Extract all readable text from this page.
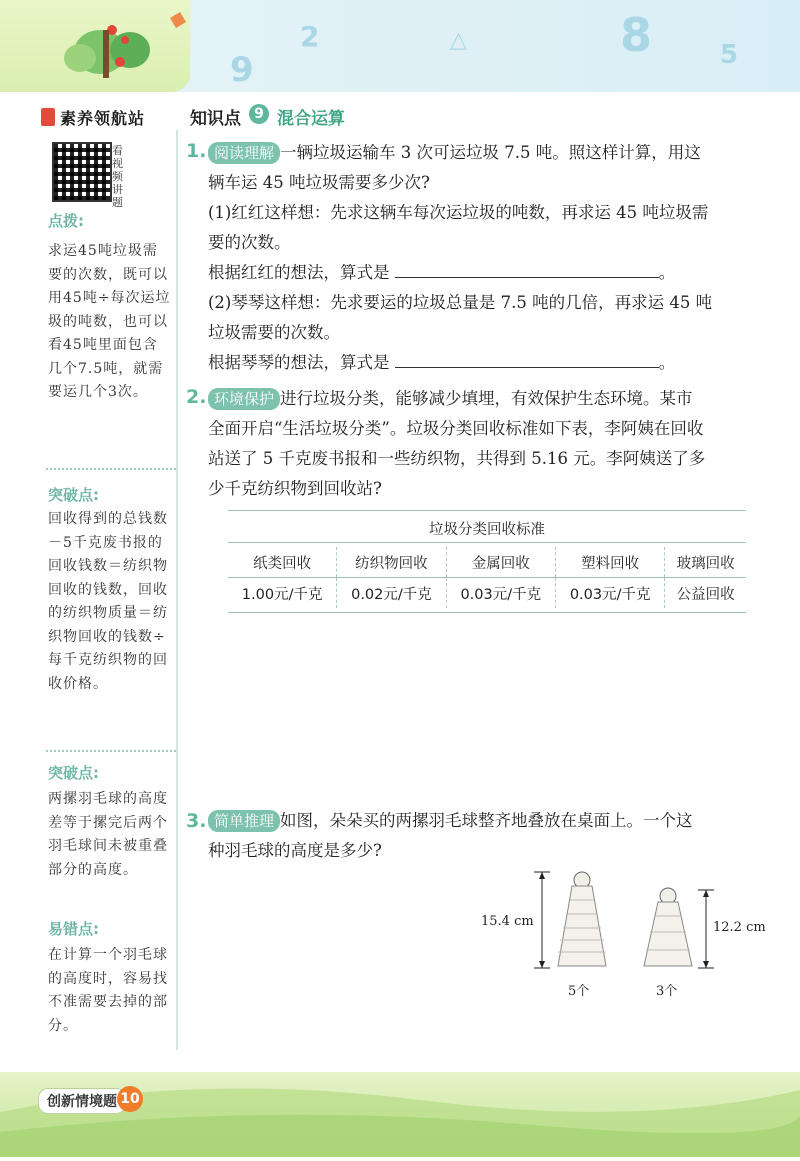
2	△	8	5
9
素养领航站
看视频讲题
点拨:
求运45吨垃圾需要的次数，既可以用45吨÷每次运垃圾的吨数，也可以看45吨里面包含几个7.5吨，就需要运几个3次。
突破点:
回收得到的总钱数－5千克废书报的回收钱数＝纺织物回收的钱数，回收的纺织物质量＝纺织物回收的钱数÷每千克纺织物的回收价格。
突破点:
两摞羽毛球的高度差等于摞完后两个羽毛球间未被重叠部分的高度。
易错点:
在计算一个羽毛球的高度时，容易找不准需要去掉的部分。
知识点 9 混合运算
1. 阅读理解 一辆垃圾运输车 3 次可运垃圾 7.5 吨。照这样计算，用这
辆车运 45 吨垃圾需要多少次?
(1)红红这样想：先求这辆车每次运垃圾的吨数，再求运 45 吨垃圾需
要的次数。
根据红红的想法，算式是	。
(2)琴琴这样想：先求要运的垃圾总量是 7.5 吨的几倍，再求运 45 吨
垃圾需要的次数。
根据琴琴的想法，算式是	。
2. 环境保护 进行垃圾分类，能够减少填埋，有效保护生态环境。某市
全面开启“生活垃圾分类”。垃圾分类回收标准如下表，李阿姨在回收
站送了 5 千克废书报和一些纺织物，共得到 5.16 元。李阿姨送了多
少千克纺织物到回收站?
垃圾分类回收标准
纸类回收	纺织物回收	金属回收	塑料回收	玻璃回收
1.00元/千克	0.02元/千克	0.03元/千克	0.03元/千克	公益回收
3. 简单推理 如图，朵朵买的两摞羽毛球整齐地叠放在桌面上。一个这
种羽毛球的高度是多少?
15.4 cm	12.2 cm
5个	3个
创新情境题 10
